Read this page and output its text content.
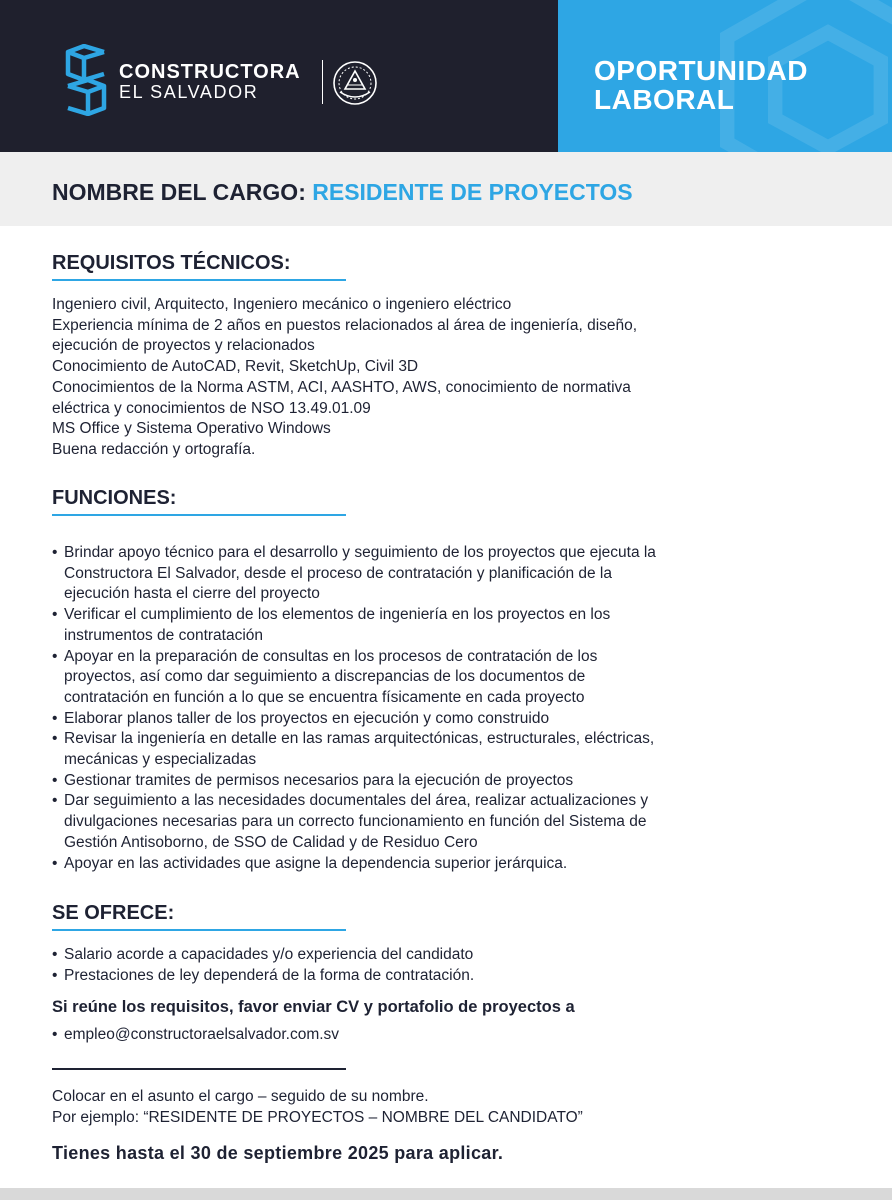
CONSTRUCTORA
EL SALVADOR
OPORTUNIDAD
LABORAL
NOMBRE DEL CARGO: RESIDENTE DE PROYECTOS
REQUISITOS TÉCNICOS:
Ingeniero civil, Arquitecto, Ingeniero mecánico o ingeniero eléctrico
Experiencia mínima de 2 años en puestos relacionados al área de ingeniería, diseño,
ejecución de proyectos y relacionados
Conocimiento de AutoCAD, Revit, SketchUp, Civil 3D
Conocimientos de la Norma ASTM, ACI, AASHTO, AWS, conocimiento de normativa
eléctrica y conocimientos de NSO 13.49.01.09
MS Office y Sistema Operativo Windows
Buena redacción y ortografía.
FUNCIONES:
• Brindar apoyo técnico para el desarrollo y seguimiento de los proyectos que ejecuta la
Constructora El Salvador, desde el proceso de contratación y planificación de la
ejecución hasta el cierre del proyecto
• Verificar el cumplimiento de los elementos de ingeniería en los proyectos en los
instrumentos de contratación
• Apoyar en la preparación de consultas en los procesos de contratación de los
proyectos, así como dar seguimiento a discrepancias de los documentos de
contratación en función a lo que se encuentra físicamente en cada proyecto
• Elaborar planos taller de los proyectos en ejecución y como construido
• Revisar la ingeniería en detalle en las ramas arquitectónicas, estructurales, eléctricas,
mecánicas y especializadas
• Gestionar tramites de permisos necesarios para la ejecución de proyectos
• Dar seguimiento a las necesidades documentales del área, realizar actualizaciones y
divulgaciones necesarias para un correcto funcionamiento en función del Sistema de
Gestión Antisoborno, de SSO de Calidad y de Residuo Cero
• Apoyar en las actividades que asigne la dependencia superior jerárquica.
SE OFRECE:
• Salario acorde a capacidades y/o experiencia del candidato
• Prestaciones de ley dependerá de la forma de contratación.
Si reúne los requisitos, favor enviar CV y portafolio de proyectos a
• empleo@constructoraelsalvador.com.sv
Colocar en el asunto el cargo – seguido de su nombre.
Por ejemplo: “RESIDENTE DE PROYECTOS – NOMBRE DEL CANDIDATO”
Tienes hasta el 30 de septiembre 2025 para aplicar.
